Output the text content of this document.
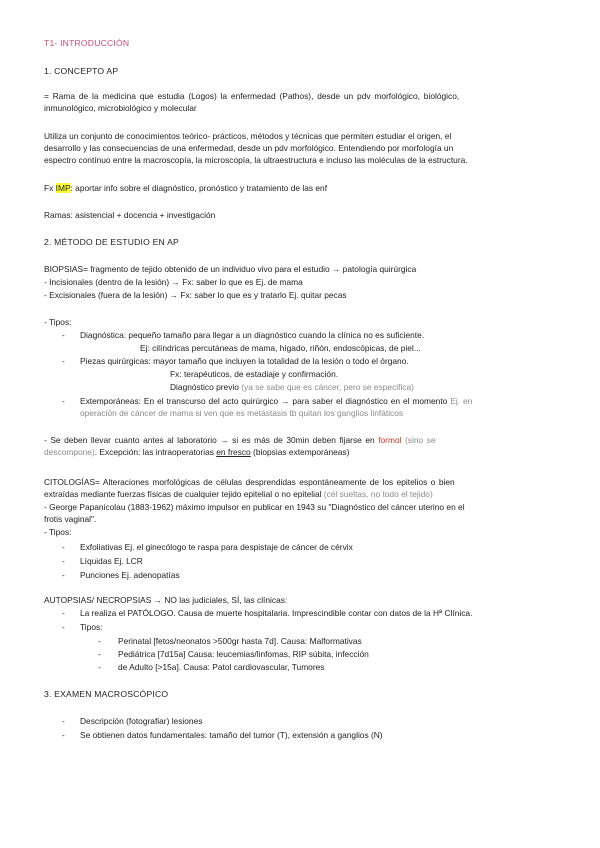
T1- INTRODUCCIÓN
1. CONCEPTO AP
= Rama de la medicina que estudia (Logos) la enfermedad (Pathos), desde un pdv morfológico, biológico,
inmunológico, microbiológico y molecular
Utiliza un conjunto de conocimientos teórico- prácticos, métodos y técnicas que permiten estudiar el origen, el
desarrollo y las consecuencias de una enfermedad, desde un pdv morfológico. Entendiendo por morfología un
espectro contínuo entre la macroscopía, la microscopía, la ultraestructura e incluso las moléculas de la estructura.
Fx IMP: aportar info sobre el diagnóstico, pronóstico y tratamiento de las enf
Ramas: asistencial + docencia + investigación
2. MÉTODO DE ESTUDIO EN AP
BIOPSIAS= fragmento de tejido obtenido de un individuo vivo para el estudio → patología quirúrgica
- Incisionales (dentro de la lesión) → Fx: saber lo que es Ej. de mama
- Excisionales (fuera de la lesión) → Fx: saber lo que es y tratarlo Ej. quitar pecas
- Tipos:
- Diagnóstica: pequeño tamaño para llegar a un diagnóstico cuando la clínica no es suficiente.
Ej: cilíndricas percutáneas de mama, hígado, riñón, endoscópicas, de piel...
- Piezas quirúrgicas: mayor tamaño que incluyen la totalidad de la lesión o todo el órgano.
Fx: terapéuticos, de estadiaje y confirmación.
Diagnóstico previo (ya se sabe que es cáncer, pero se especifica)
- Extemporáneas: En el transcurso del acto quirúrgico → para saber el diagnóstico en el momento Ej. en
operación de cáncer de mama si ven que es metástasis tb quitan los ganglios linfáticos
- Se deben llevar cuanto antes al laboratorio → si es más de 30min deben fijarse en formol (sino se
descompone). Excepción: las intraoperatorias en fresco (biopsias extemporáneas)
CITOLOGÍAS= Alteraciones morfológicas de células desprendidas espontáneamente de los epitelios o bien
extraídas mediante fuerzas físicas de cualquier tejido epitelial o no epitelial (cél sueltas, no todo el tejido)
- George Papanicolau (1883-1962) máximo impulsor en publicar en 1943 su "Diagnóstico del cáncer uterino en el
frotis vaginal".
- Tipos:
- Exfoliativas Ej. el ginecólogo te raspa para despistaje de cáncer de cérvix
- Líquidas Ej. LCR
- Punciones Ej. adenopatías
AUTOPSIAS/ NECROPSIAS → NO las judiciales, SÍ, las clínicas:
- La realiza el PATÓLOGO. Causa de muerte hospitalaria. Imprescindible contar con datos de la Hª Clínica.
- Tipos:
- Perinatal [fetos/neonatos >500gr hasta 7d]. Causa: Malformativas
- Pediátrica [7d15a] Causa: leucemias/linfomas, RIP súbita, infección
- de Adulto [>15a]. Causa: Patol cardiovascular, Tumores
3. EXAMEN MACROSCÓPICO
- Descripción (fotografiar) lesiones
- Se obtienen datos fundamentales: tamaño del tumor (T), extensión a ganglios (N)
